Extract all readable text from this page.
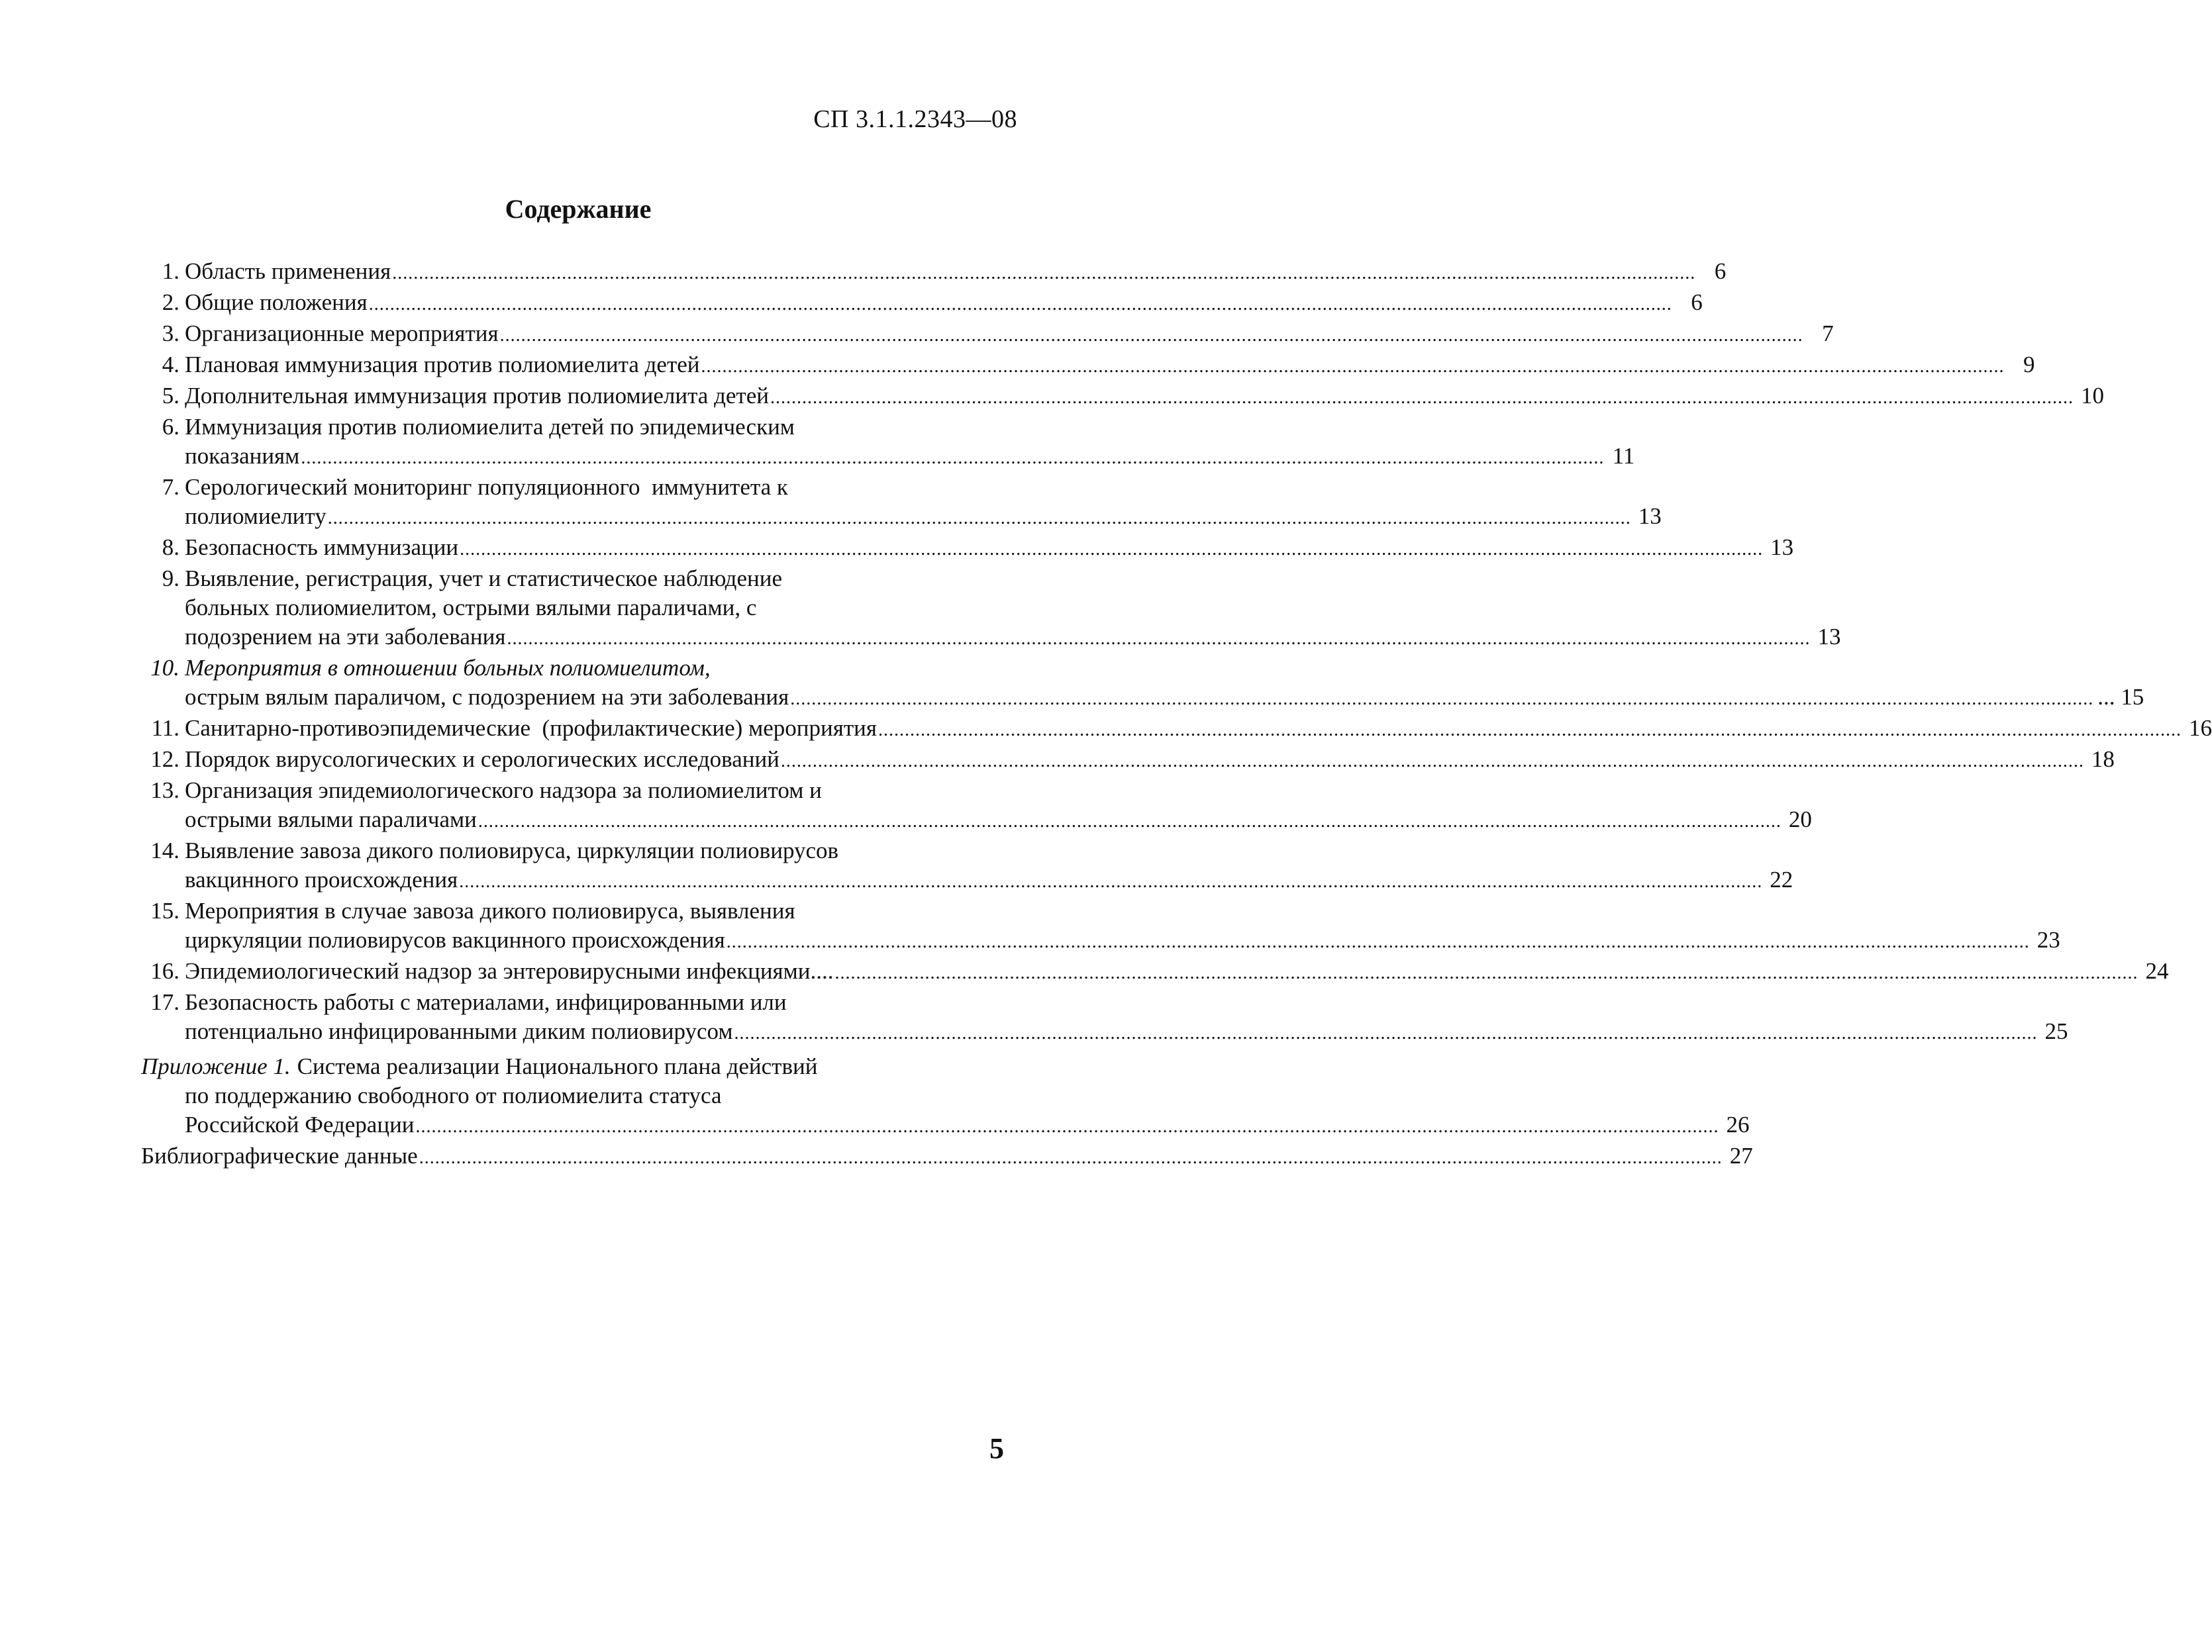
СП 3.1.1.2343—08
Содержание
1. Область применения .....	6
2. Общие положения .....	6
3. Организационные мероприятия .....	7
4. Плановая иммунизация против полиомиелита детей .....	9
5. Дополнительная иммунизация против полиомиелита детей .....	10
6. Иммунизация против полиомиелита детей по эпидемическим
показаниям .....	11
7. Серологический мониторинг популяционного  иммунитета к
полиомиелиту .....	13
8. Безопасность иммунизации .....	13
9. Выявление, регистрация, учет и статистическое наблюдение
больных полиомиелитом, острыми вялыми параличами, с
подозрением на эти заболевания .....	13
10. Мероприятия в отношении больных полиомиелитом,
острым вялым параличом, с подозрением на эти заболевания .....	... 15
11. Санитарно-противоэпидемические  (профилактические) мероприятия .....	16
12. Порядок вирусологических и серологических исследований .....	18
13. Организация эпидемиологического надзора за полиомиелитом и
острыми вялыми параличами .....	20
14. Выявление завоза дикого полиовируса, циркуляции полиовирусов
вакцинного происхождения .....	22
15. Мероприятия в случае завоза дикого полиовируса, выявления
циркуляции полиовирусов вакцинного происхождения .....	23
16. Эпидемиологический надзор за энтеровирусными инфекциями.... .....	24
17. Безопасность работы с материалами, инфицированными или
потенциально инфицированными диким полиовирусом .....	25
Приложение 1. Система реализации Национального плана действий
по поддержанию свободного от полиомиелита статуса
Российской Федерации .....	26
Библиографические данные .....	27
5
